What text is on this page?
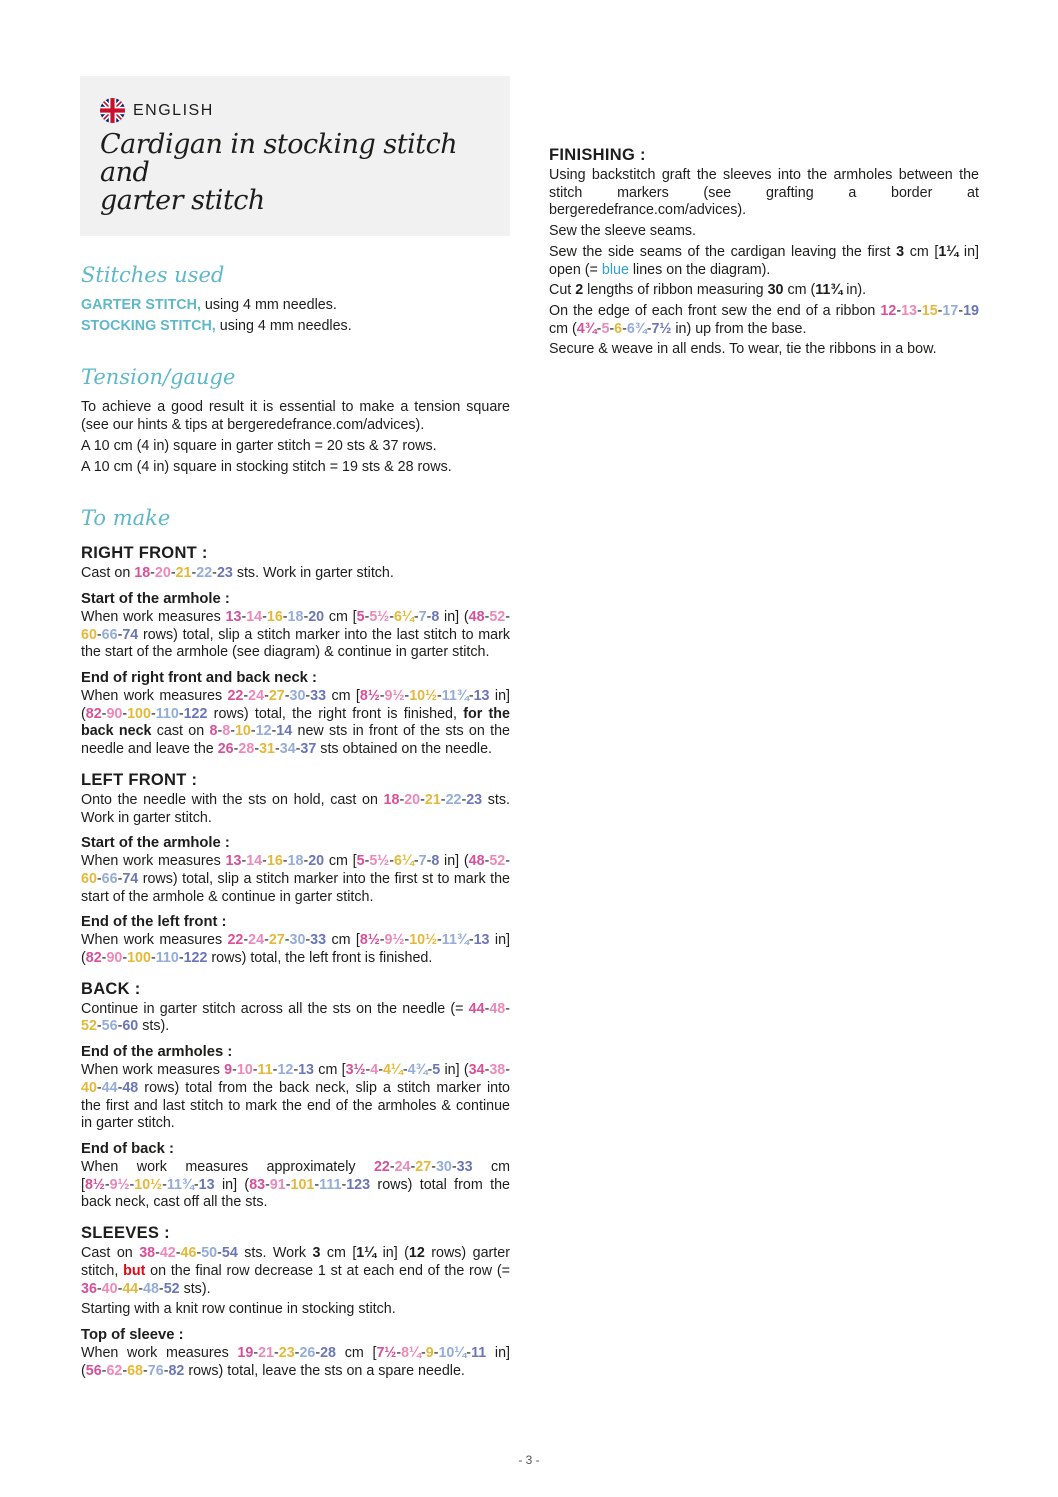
ENGLISH
Cardigan in stocking stitch and
garter stitch
Stitches used

GARTER STITCH, using 4 mm needles.

STOCKING STITCH, using 4 mm needles.

Tension/gauge

To achieve a good result it is essential to make a tension square (see our hints & tips at bergeredefrance.com/advices).

A 10 cm (4 in) square in garter stitch = 20 sts & 37 rows.

A 10 cm (4 in) square in stocking stitch = 19 sts & 28 rows.

To make
RIGHT FRONT :

Cast on 18-20-21-22-23 sts. Work in garter stitch.

Start of the armhole :

When work measures 13-14-16-18-20 cm [5-5½-6¼-7-8 in] (48-52-60-66-74 rows) total, slip a stitch marker into the last stitch to mark the start of the armhole (see diagram) & continue in garter stitch.

End of right front and back neck :

When work measures 22-24-27-30-33 cm [8½-9½-10½-11¾-13 in] (82-90-100-110-122 rows) total, the right front is finished, for the back neck cast on 8-8-10-12-14 new sts in front of the sts on the needle and leave the 26-28-31-34-37 sts obtained on the needle.

LEFT FRONT :

Onto the needle with the sts on hold, cast on 18-20-21-22-23 sts. Work in garter stitch.

Start of the armhole :

When work measures 13-14-16-18-20 cm [5-5½-6¼-7-8 in] (48-52-60-66-74 rows) total, slip a stitch marker into the first st to mark the start of the armhole & continue in garter stitch.

End of the left front :

When work measures 22-24-27-30-33 cm [8½-9½-10½-11¾-13 in] (82-90-100-110-122 rows) total, the left front is finished.

BACK :

Continue in garter stitch across all the sts on the needle (= 44-48-52-56-60 sts).

End of the armholes :

When work measures 9-10-11-12-13 cm [3½-4-4¼-4¾-5 in] (34-38-40-44-48 rows) total from the back neck, slip a stitch marker into the first and last stitch to mark the end of the armholes & continue in garter stitch.

End of back :

When work measures approximately 22-24-27-30-33 cm [8½-9½-10½-11¾-13 in] (83-91-101-111-123 rows) total from the back neck, cast off all the sts.

SLEEVES :

Cast on 38-42-46-50-54 sts. Work 3 cm [1¼ in] (12 rows) garter stitch, but on the final row decrease 1 st at each end of the row (= 36-40-44-48-52 sts).

Starting with a knit row continue in stocking stitch.

Top of sleeve :

When work measures 19-21-23-26-28 cm [7½-8¼-9-10¼-11 in] (56-62-68-76-82 rows) total, leave the sts on a spare needle.

FINISHING :

Using backstitch graft the sleeves into the armholes between the stitch markers (see grafting a border at bergeredefrance.com/advices).

Sew the sleeve seams.

Sew the side seams of the cardigan leaving the first 3 cm [1¼ in] open (= blue lines on the diagram).

Cut 2 lengths of ribbon measuring 30 cm (11¾ in).

On the edge of each front sew the end of a ribbon 12-13-15-17-19 cm (4¾-5-6-6¾-7½ in) up from the base.

Secure & weave in all ends. To wear, tie the ribbons in a bow.

- 3 -
